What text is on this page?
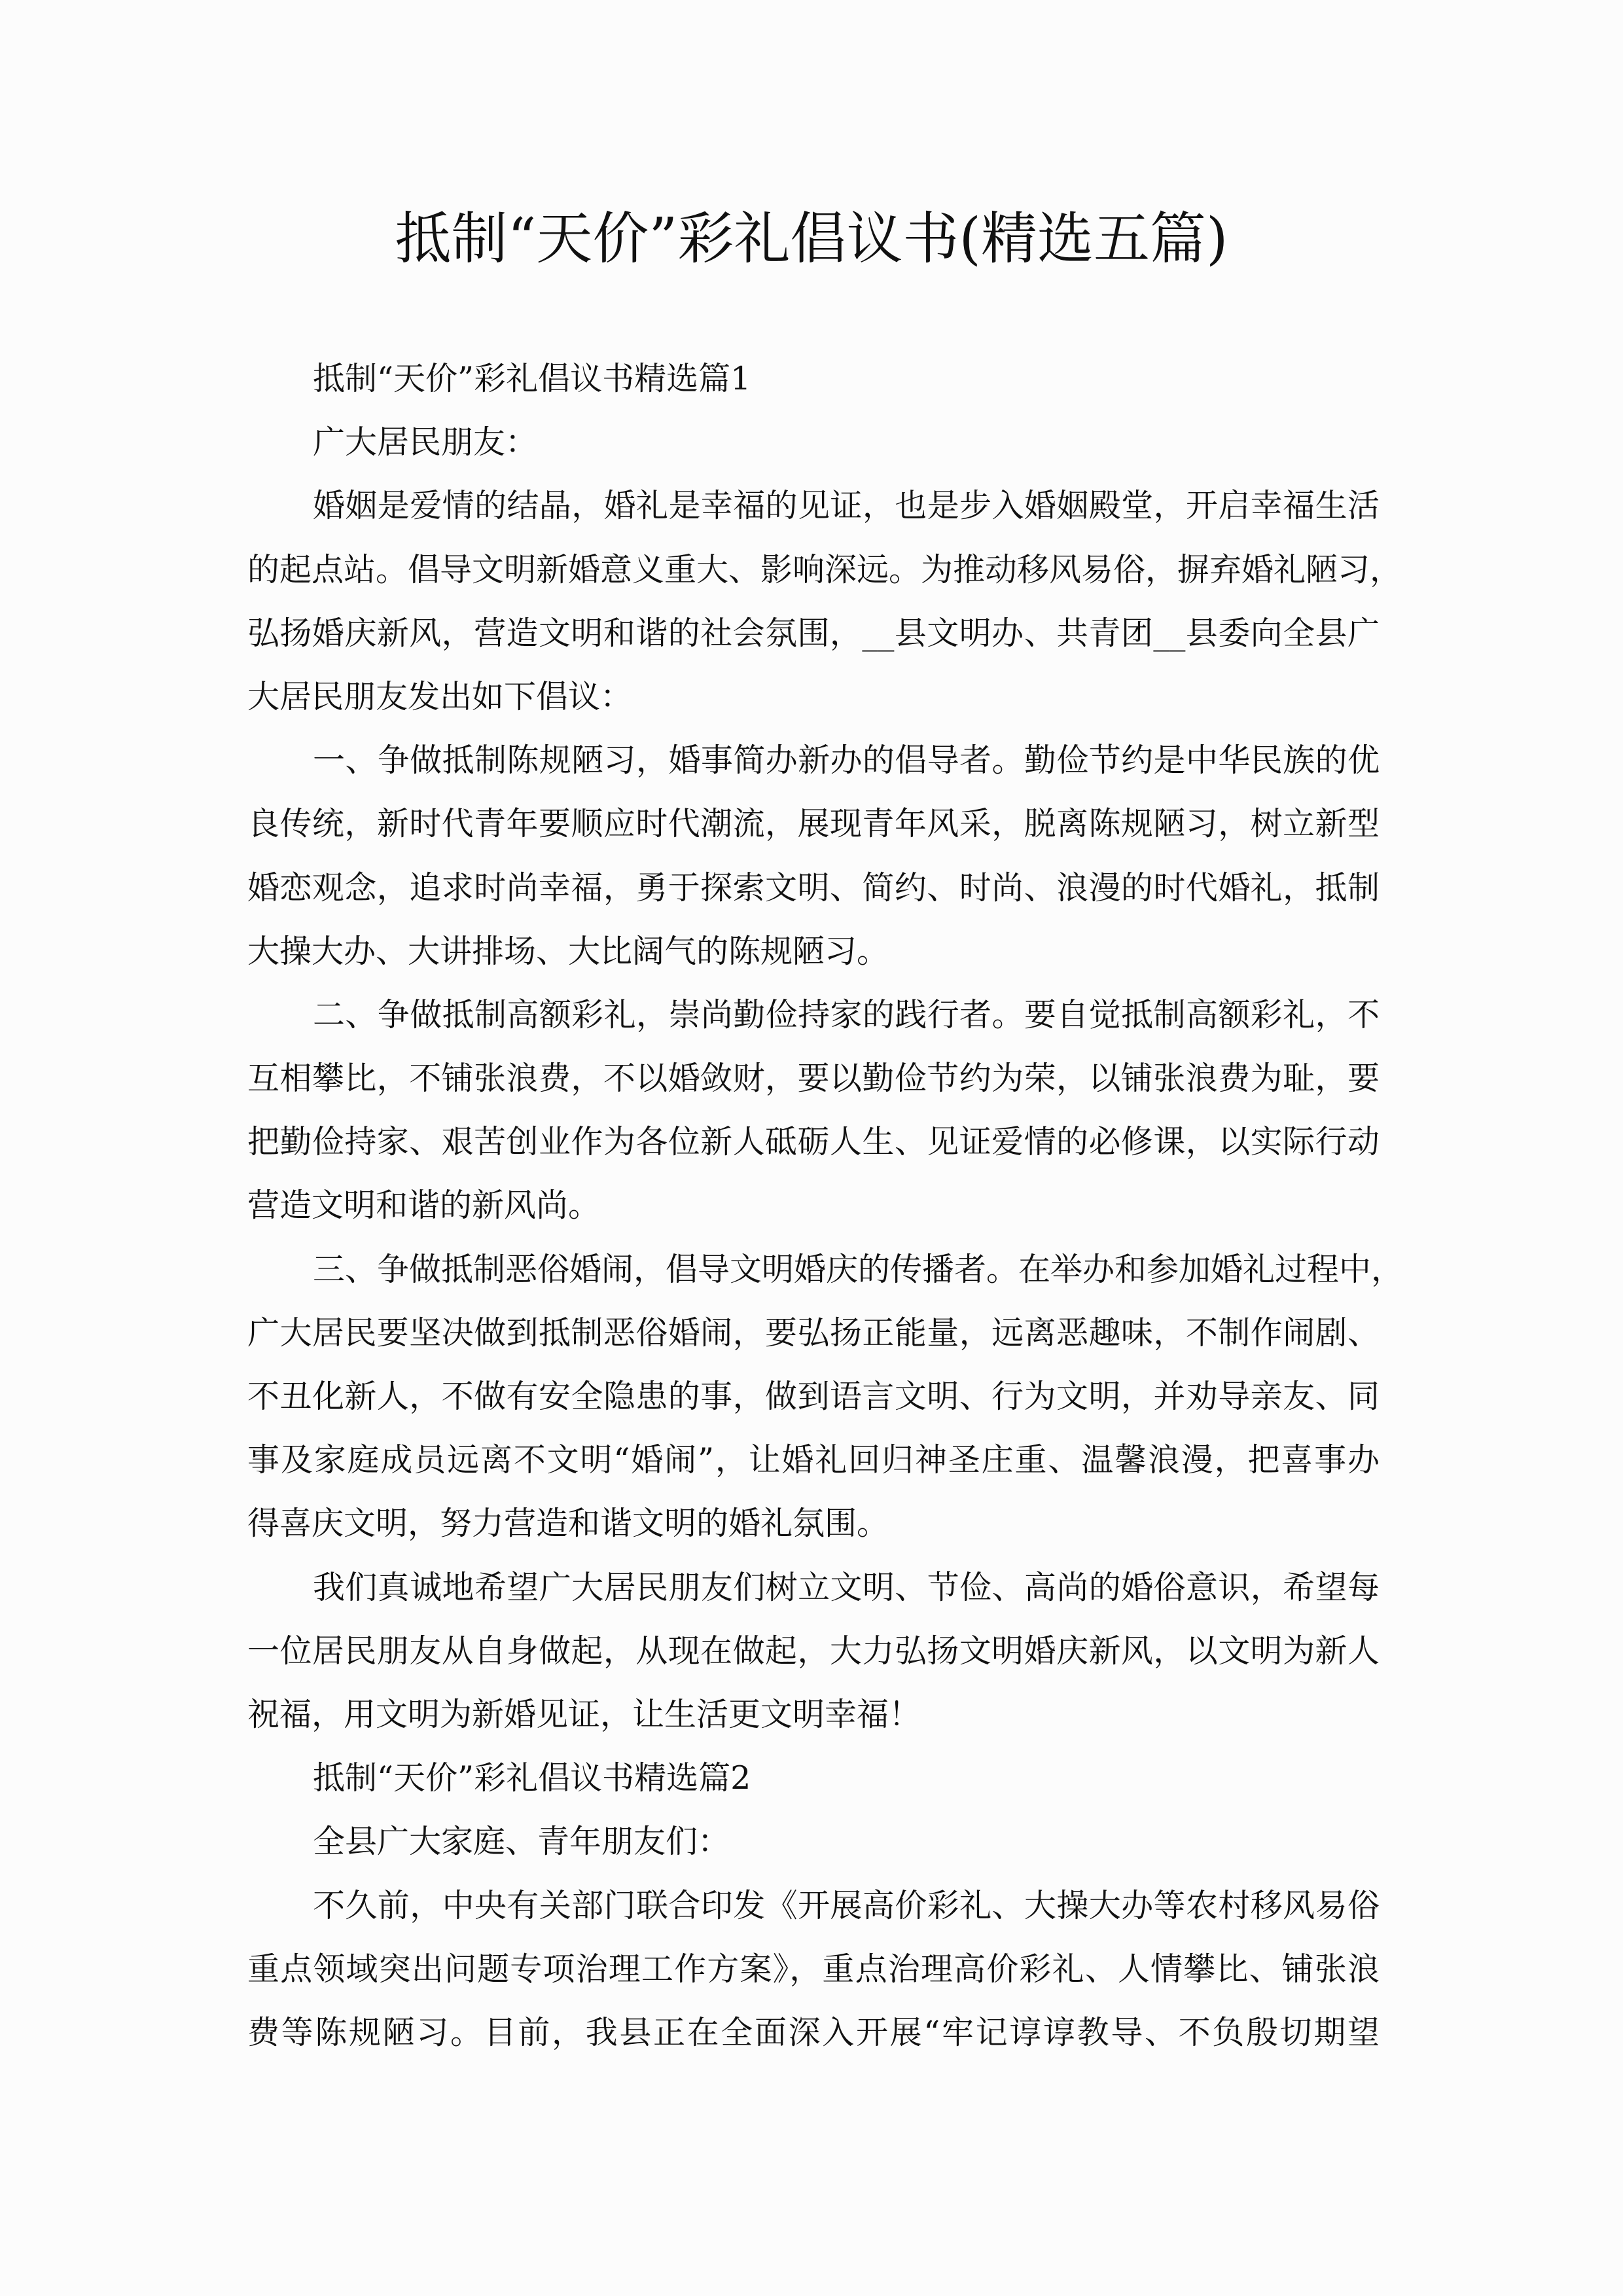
抵制“天价”彩礼倡议书(精选五篇)
抵制“天价”彩礼倡议书精选篇1
广大居民朋友：
婚姻是爱情的结晶，婚礼是幸福的见证，也是步入婚姻殿堂，开启幸福生活
的起点站。倡导文明新婚意义重大、影响深远。为推动移风易俗，摒弃婚礼陋习，
弘扬婚庆新风，营造文明和谐的社会氛围，__县文明办、共青团__县委向全县广
大居民朋友发出如下倡议：
一、争做抵制陈规陋习，婚事简办新办的倡导者。勤俭节约是中华民族的优
良传统，新时代青年要顺应时代潮流，展现青年风采，脱离陈规陋习，树立新型
婚恋观念，追求时尚幸福，勇于探索文明、简约、时尚、浪漫的时代婚礼，抵制
大操大办、大讲排场、大比阔气的陈规陋习。
二、争做抵制高额彩礼，崇尚勤俭持家的践行者。要自觉抵制高额彩礼，不
互相攀比，不铺张浪费，不以婚敛财，要以勤俭节约为荣，以铺张浪费为耻，要
把勤俭持家、艰苦创业作为各位新人砥砺人生、见证爱情的必修课，以实际行动
营造文明和谐的新风尚。
三、争做抵制恶俗婚闹，倡导文明婚庆的传播者。在举办和参加婚礼过程中，
广大居民要坚决做到抵制恶俗婚闹，要弘扬正能量，远离恶趣味，不制作闹剧、
不丑化新人，不做有安全隐患的事，做到语言文明、行为文明，并劝导亲友、同
事及家庭成员远离不文明“婚闹”，让婚礼回归神圣庄重、温馨浪漫，把喜事办
得喜庆文明，努力营造和谐文明的婚礼氛围。
我们真诚地希望广大居民朋友们树立文明、节俭、高尚的婚俗意识，希望每
一位居民朋友从自身做起，从现在做起，大力弘扬文明婚庆新风，以文明为新人
祝福，用文明为新婚见证，让生活更文明幸福！
抵制“天价”彩礼倡议书精选篇2
全县广大家庭、青年朋友们：
不久前，中央有关部门联合印发《开展高价彩礼、大操大办等农村移风易俗
重点领域突出问题专项治理工作方案》，重点治理高价彩礼、人情攀比、铺张浪
费等陈规陋习。目前，我县正在全面深入开展“牢记谆谆教导、不负殷切期望
